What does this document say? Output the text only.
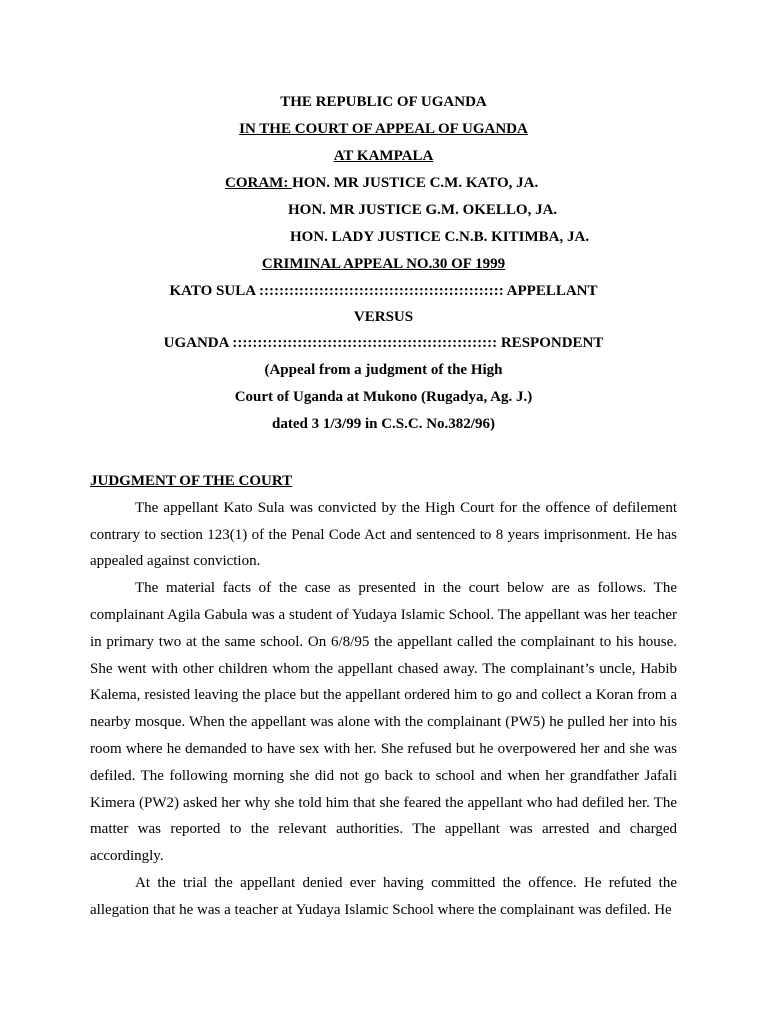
THE REPUBLIC OF UGANDA
IN THE COURT OF APPEAL OF UGANDA
AT KAMPALA
CORAM: HON. MR JUSTICE C.M. KATO, JA.
HON. MR JUSTICE G.M. OKELLO, JA.
HON. LADY JUSTICE C.N.B. KITIMBA, JA.
CRIMINAL APPEAL NO.30 OF 1999
KATO SULA ::::::::::::::::::::::::::::::::::::::::::::::::: APPELLANT
VERSUS
UGANDA ::::::::::::::::::::::::::::::::::::::::::::::::::::: RESPONDENT
(Appeal from a judgment of the High
Court of Uganda at Mukono (Rugadya, Ag. J.)
dated 3 1/3/99 in C.S.C. No.382/96)

JUDGMENT OF THE COURT

The appellant Kato Sula was convicted by the High Court for the offence of defilement contrary to section 123(1) of the Penal Code Act and sentenced to 8 years imprisonment. He has appealed against conviction.

The material facts of the case as presented in the court below are as follows. The complainant Agila Gabula was a student of Yudaya Islamic School. The appellant was her teacher in primary two at the same school. On 6/8/95 the appellant called the complainant to his house. She went with other children whom the appellant chased away. The complainant’s uncle, Habib Kalema, resisted leaving the place but the appellant ordered him to go and collect a Koran from a nearby mosque. When the appellant was alone with the complainant (PW5) he pulled her into his room where he demanded to have sex with her. She refused but he overpowered her and she was defiled. The following morning she did not go back to school and when her grandfather Jafali Kimera (PW2) asked her why she told him that she feared the appellant who had defiled her. The matter was reported to the relevant authorities. The appellant was arrested and charged accordingly.

At the trial the appellant denied ever having committed the offence. He refuted the allegation that he was a teacher at Yudaya Islamic School where the complainant was defiled. He
